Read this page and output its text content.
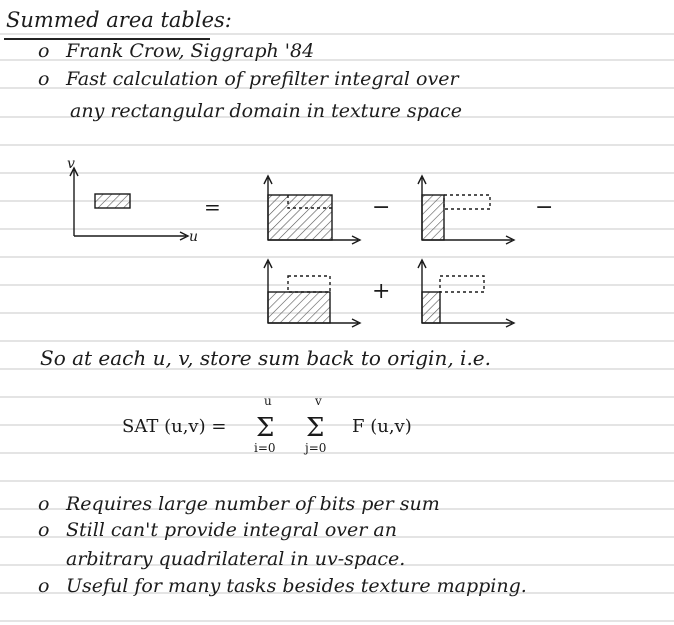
Summed area tables:
o Frank Crow, Siggraph '84
o Fast calculation of prefilter integral over
any rectangular domain in texture space
v
u
=	−	−
+
So at each u, v, store sum back to origin, i.e.
SAT (u,v) =
u
Σ
i=0
v
Σ
j=0
F (u,v)
o Requires large number of bits per sum
o Still can't provide integral over an
arbitrary quadrilateral in uv-space.
o Useful for many tasks besides texture mapping.
